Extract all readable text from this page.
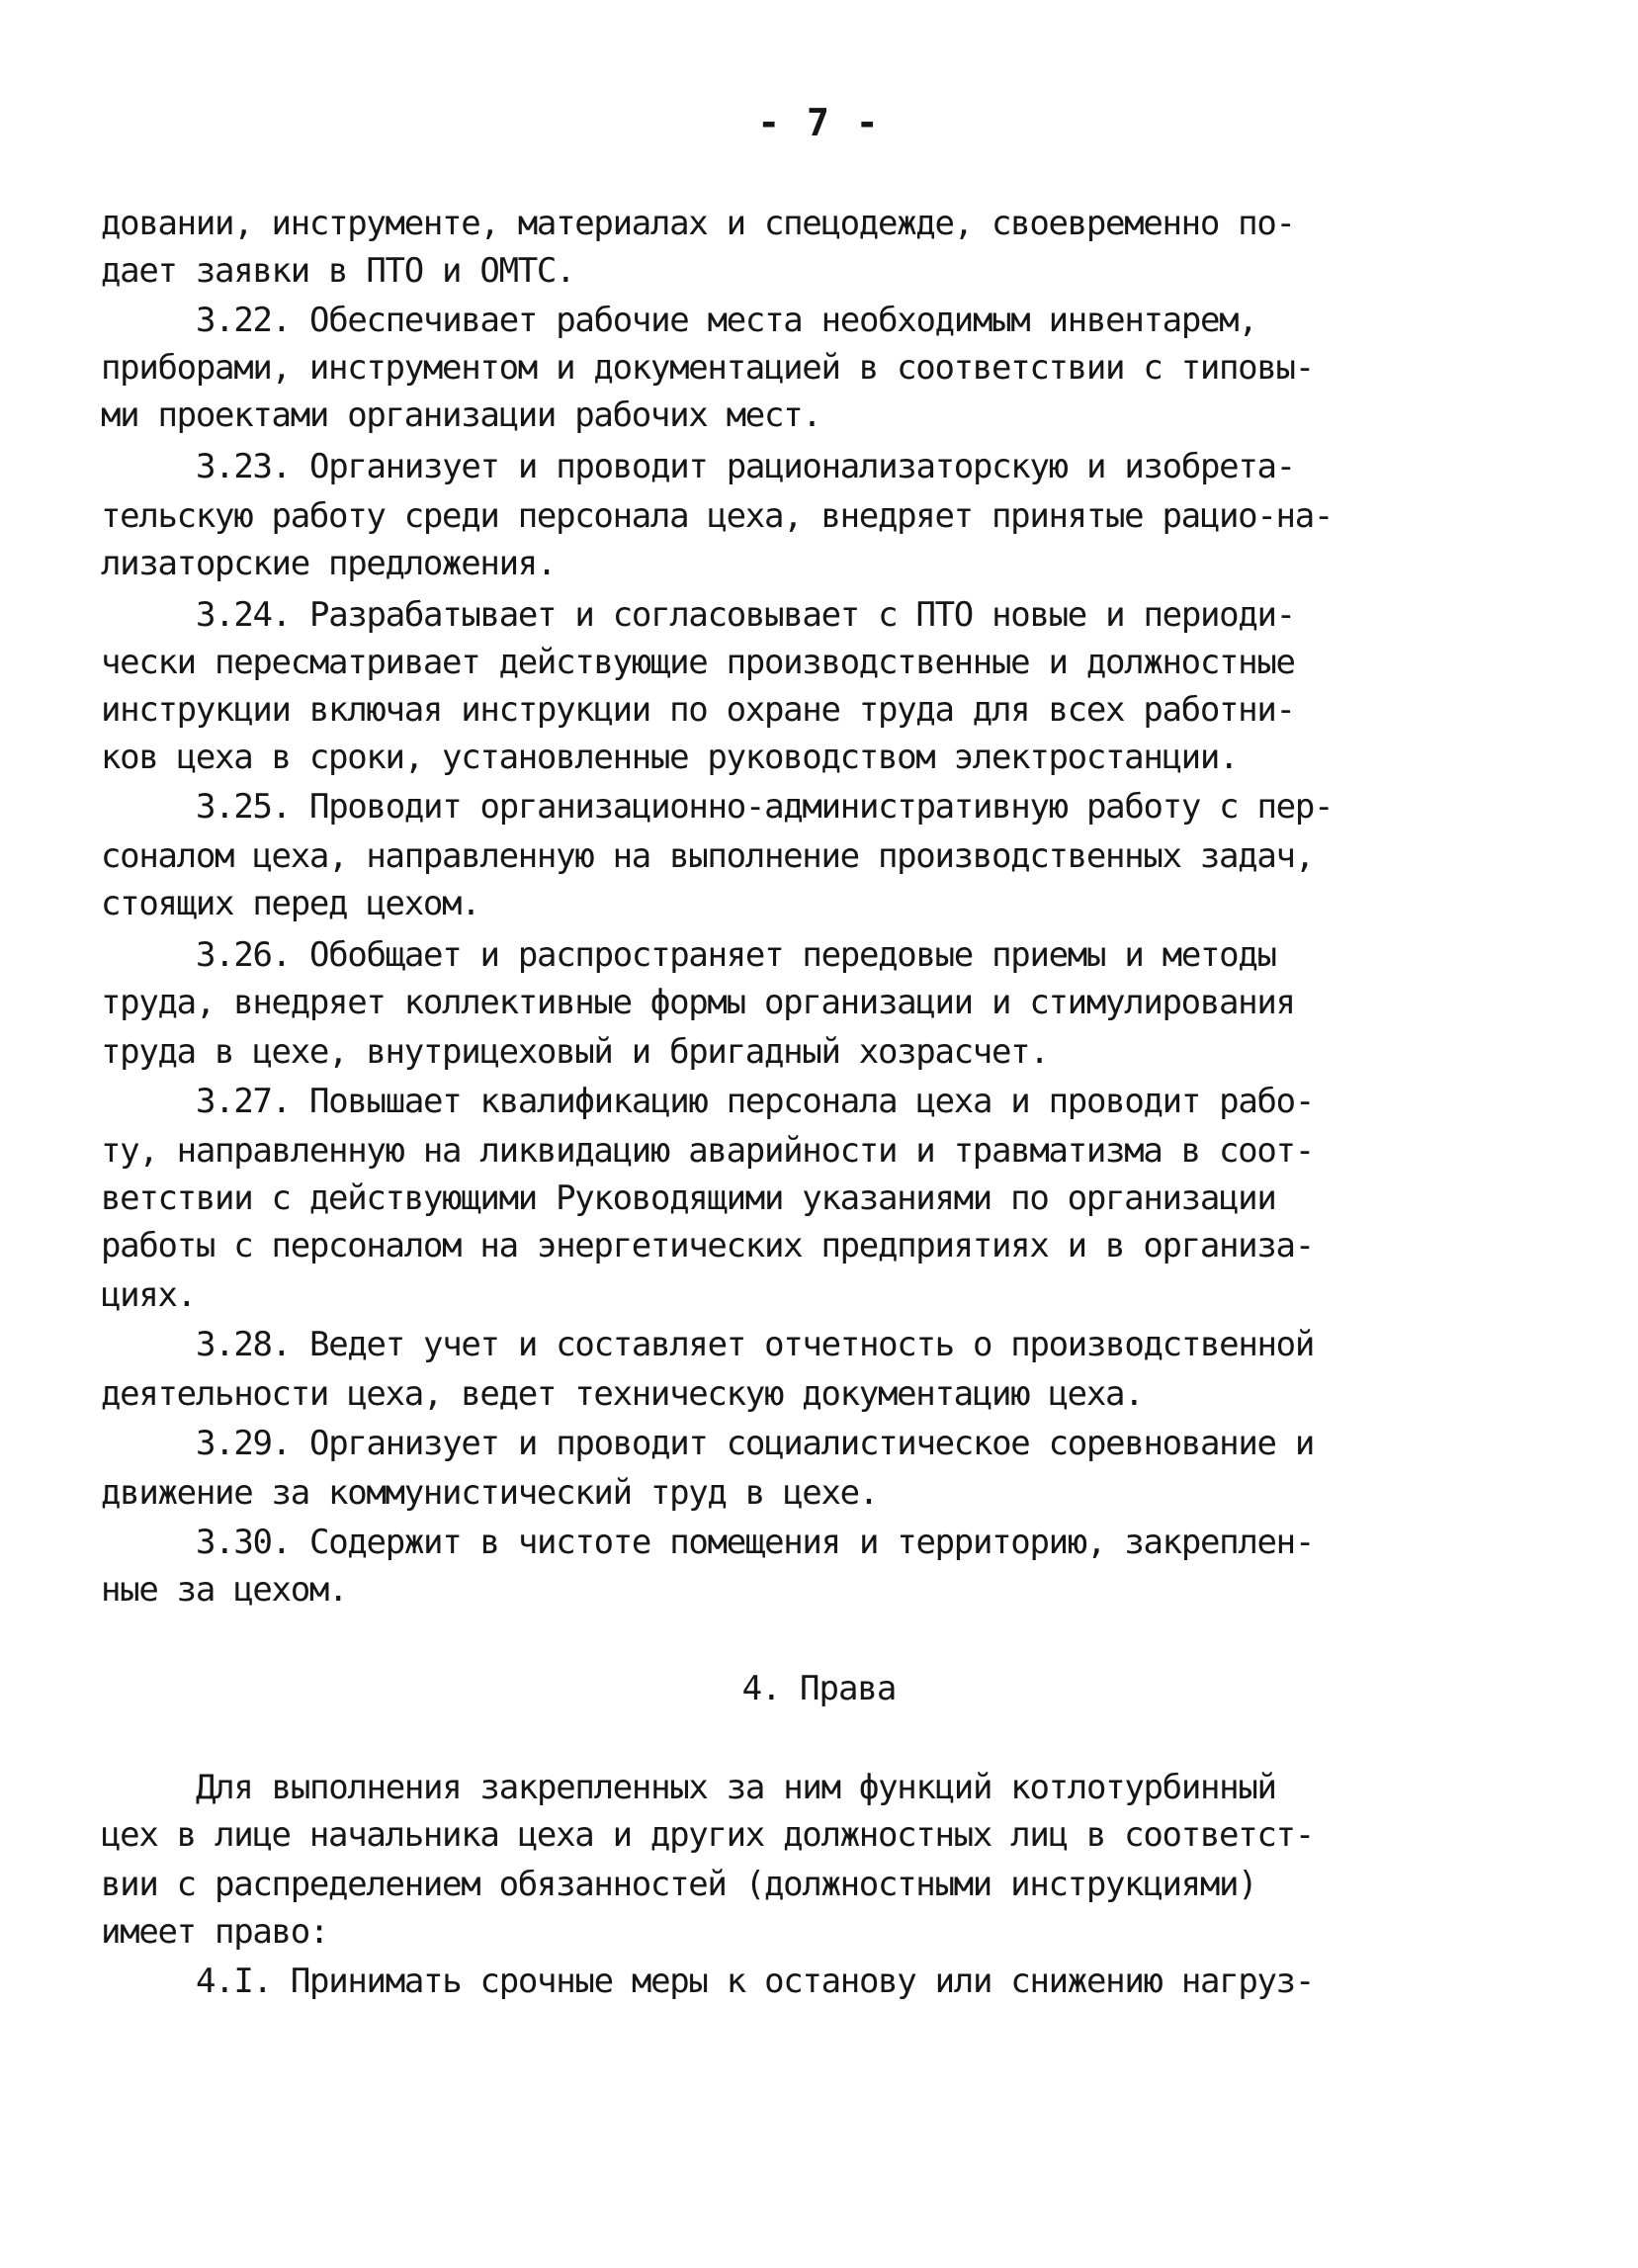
- 7 -
довании, инструменте, материалах и спецодежде, своевременно по-
дает заявки в ПТО и ОМТС.
3.22. Обеспечивает рабочие места необходимым инвентарем,
приборами, инструментом и документацией в соответствии с типовы-
ми проектами организации рабочих мест.
3.23. Организует и проводит рационализаторскую и изобрета-
тельскую работу среди персонала цеха, внедряет принятые рацио-на-
лизаторские предложения.
3.24. Разрабатывает и согласовывает с ПТО новые и периоди-
чески пересматривает действующие производственные и должностные
инструкции включая инструкции по охране труда для всех работни-
ков цеха в сроки, установленные руководством электростанции.
3.25. Проводит организационно-административную работу с пер-
соналом цеха, направленную на выполнение производственных задач,
стоящих перед цехом.
3.26. Обобщает и распространяет передовые приемы и методы
труда, внедряет коллективные формы организации и стимулирования
труда в цехе, внутрицеховый и бригадный хозрасчет.
3.27. Повышает квалификацию персонала цеха и проводит рабо-
ту, направленную на ликвидацию аварийности и травматизма в соот-
ветствии с действующими Руководящими указаниями по организации
работы с персоналом на энергетических предприятиях и в организа-
циях.
3.28. Ведет учет и составляет отчетность о производственной
деятельности цеха, ведет техническую документацию цеха.
3.29. Организует и проводит социалистическое соревнование и
движение за коммунистический труд в цехе.
3.30. Содержит в чистоте помещения и территорию, закреплен-
ные за цехом.
4. Права
Для выполнения закрепленных за ним функций котлотурбинный
цех в лице начальника цеха и других должностных лиц в соответст-
вии с распределением обязанностей (должностными инструкциями)
имеет право:
4.I. Принимать срочные меры к останову или снижению нагруз-
